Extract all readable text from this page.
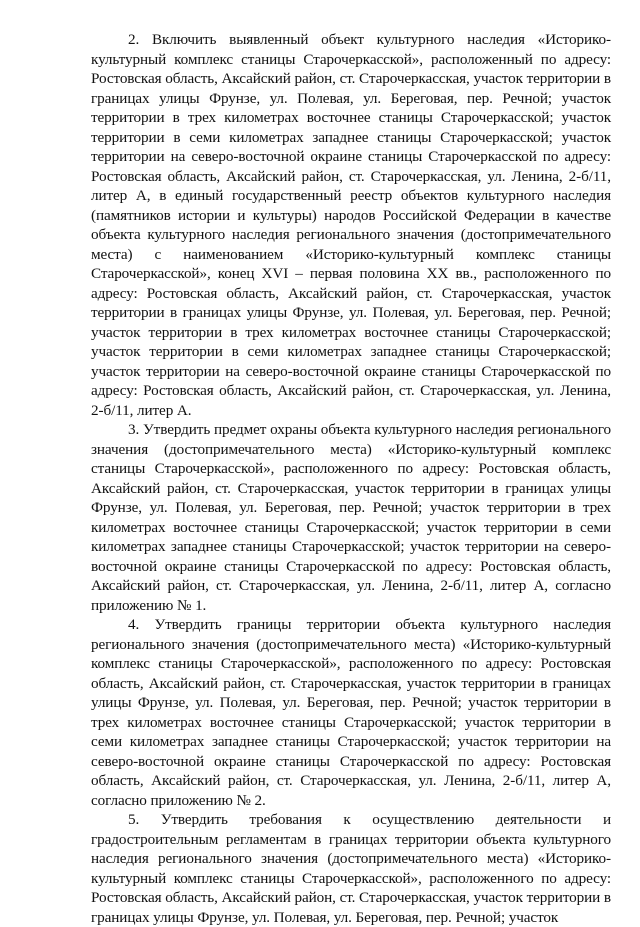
2. Включить выявленный объект культурного наследия «Историко-культурный комплекс станицы Старочеркасской», расположенный по адресу: Ростовская область, Аксайский район, ст. Старочеркасская, участок территории в границах улицы Фрунзе, ул. Полевая, ул. Береговая, пер. Речной; участок территории в трех километрах восточнее станицы Старочеркасской; участок территории в семи километрах западнее станицы Старочеркасской; участок территории на северо-восточной окраине станицы Старочеркасской по адресу: Ростовская область, Аксайский район, ст. Старочеркасская, ул. Ленина, 2-б/11, литер А, в единый государственный реестр объектов культурного наследия (памятников истории и культуры) народов Российской Федерации в качестве объекта культурного наследия регионального значения (достопримечательного места) с наименованием «Историко-культурный комплекс станицы Старочеркасской», конец XVI – первая половина XX вв., расположенного по адресу: Ростовская область, Аксайский район, ст. Старочеркасская, участок территории в границах улицы Фрунзе, ул. Полевая, ул. Береговая, пер. Речной; участок территории в трех километрах восточнее станицы Старочеркасской; участок территории в семи километрах западнее станицы Старочеркасской; участок территории на северо-восточной окраине станицы Старочеркасской по адресу: Ростовская область, Аксайский район, ст. Старочеркасская, ул. Ленина, 2-б/11, литер А.

3. Утвердить предмет охраны объекта культурного наследия регионального значения (достопримечательного места) «Историко-культурный комплекс станицы Старочеркасской», расположенного по адресу: Ростовская область, Аксайский район, ст. Старочеркасская, участок территории в границах улицы Фрунзе, ул. Полевая, ул. Береговая, пер. Речной; участок территории в трех километрах восточнее станицы Старочеркасской; участок территории в семи километрах западнее станицы Старочеркасской; участок территории на северо-восточной окраине станицы Старочеркасской по адресу: Ростовская область, Аксайский район, ст. Старочеркасская, ул. Ленина, 2-б/11, литер А, согласно приложению № 1.

4. Утвердить границы территории объекта культурного наследия регионального значения (достопримечательного места) «Историко-культурный комплекс станицы Старочеркасской», расположенного по адресу: Ростовская область, Аксайский район, ст. Старочеркасская, участок территории в границах улицы Фрунзе, ул. Полевая, ул. Береговая, пер. Речной; участок территории в трех километрах восточнее станицы Старочеркасской; участок территории в семи километрах западнее станицы Старочеркасской; участок территории на северо-восточной окраине станицы Старочеркасской по адресу: Ростовская область, Аксайский район, ст. Старочеркасская, ул. Ленина, 2-б/11, литер А, согласно приложению № 2.

5. Утвердить требования к осуществлению деятельности и градостроительным регламентам в границах территории объекта культурного наследия регионального значения (достопримечательного места) «Историко-культурный комплекс станицы Старочеркасской», расположенного по адресу: Ростовская область, Аксайский район, ст. Старочеркасская, участок территории в границах улицы Фрунзе, ул. Полевая, ул. Береговая, пер. Речной; участок
